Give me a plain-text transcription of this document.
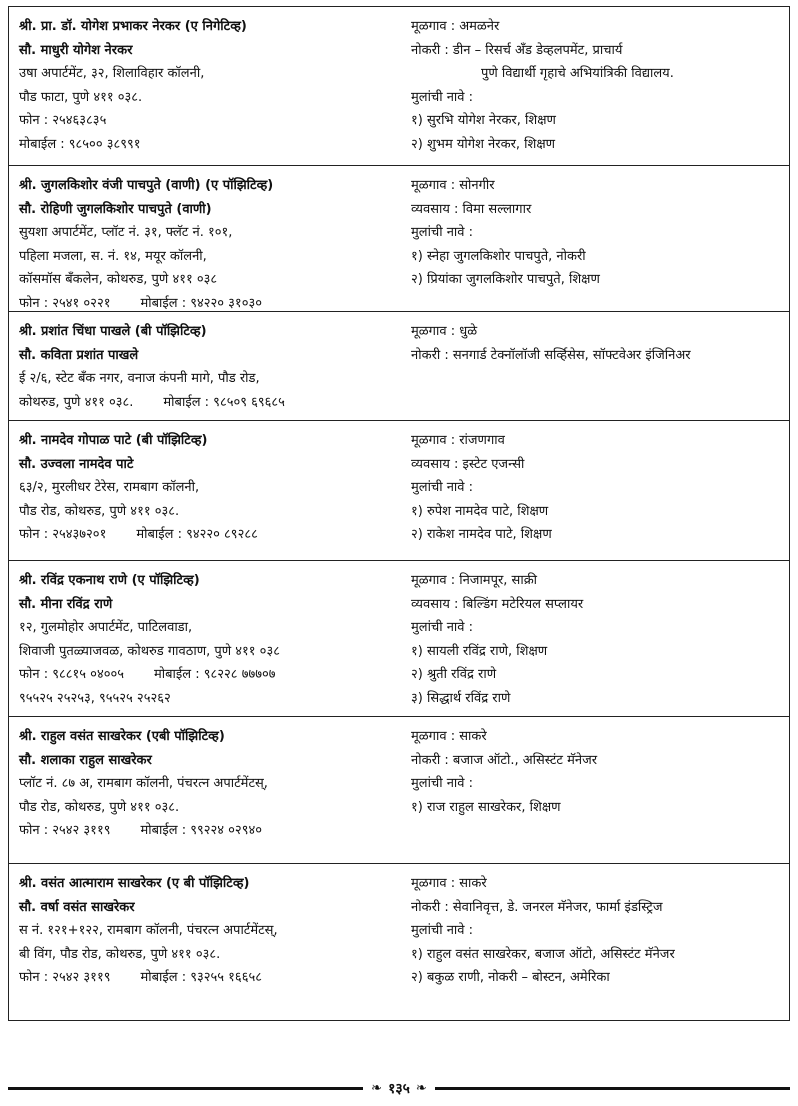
श्री. प्रा. डॉ. योगेश प्रभाकर नेरकर (ए निगेटिव्ह)
सौ. माधुरी योगेश नेरकर
उषा अपार्टमेंट, ३२, शिलाविहार कॉलनी,
पौड फाटा, पुणे ४११ ०३८.
फोन : २५४६३८३५
मोबाईल : ९८५०० ३८९९१
मूळगाव : अमळनेर
नोकरी : डीन – रिसर्च अँड डेव्हलपमेंट, प्राचार्य
पुणे विद्यार्थी गृहाचे अभियांत्रिकी विद्यालय.
मुलांची नावे :
१) सुरभि योगेश नेरकर, शिक्षण
२) शुभम योगेश नेरकर, शिक्षण
श्री. जुगलकिशोर वंजी पाचपुते (वाणी) (ए पॉझिटिव्ह)
सौ. रोहिणी जुगलकिशोर पाचपुते (वाणी)
सुयशा अपार्टमेंट, प्लॉट नं. ३१, फ्लॅट नं. १०१,
पहिला मजला, स. नं. १४, मयूर कॉलनी,
कॉसमॉस बँकलेन, कोथरुड, पुणे ४११ ०३८
फोन : २५४१ ०२२१ मोबाईल : ९४२२० ३१०३०
मूळगाव : सोनगीर
व्यवसाय : विमा सल्लागार
मुलांची नावे :
१) स्नेहा जुगलकिशोर पाचपुते, नोकरी
२) प्रियांका जुगलकिशोर पाचपुते, शिक्षण
श्री. प्रशांत चिंधा पाखले (बी पॉझिटिव्ह)
सौ. कविता प्रशांत पाखले
ई २/६, स्टेट बँक नगर, वनाज कंपनी मागे, पौड रोड,
कोथरुड, पुणे ४११ ०३८. मोबाईल : ९८५०९ ६९६८५
मूळगाव : धुळे
नोकरी : सनगार्ड टेक्नॉलॉजी सर्व्हिसेस, सॉफ्टवेअर इंजिनिअर
श्री. नामदेव गोपाळ पाटे (बी पॉझिटिव्ह)
सौ. उज्वला नामदेव पाटे
६३/२, मुरलीधर टेरेस, रामबाग कॉलनी,
पौड रोड, कोथरुड, पुणे ४११ ०३८.
फोन : २५४३७२०१ मोबाईल : ९४२२० ८९२८८
मूळगाव : रांजणगाव
व्यवसाय : इस्टेट एजन्सी
मुलांची नावे :
१) रुपेश नामदेव पाटे, शिक्षण
२) राकेश नामदेव पाटे, शिक्षण
श्री. रविंद्र एकनाथ राणे (ए पॉझिटिव्ह)
सौ. मीना रविंद्र राणे
१२, गुलमोहोर अपार्टमेंट, पाटिलवाडा,
शिवाजी पुतळ्याजवळ, कोथरुड गावठाण, पुणे ४११ ०३८
फोन : ९८८१५ ०४००५ मोबाईल : ९८२२८ ७७७०७
९५५२५ २५२५३, ९५५२५ २५२६२
मूळगाव : निजामपूर, साक्री
व्यवसाय : बिल्डिंग मटेरियल सप्लायर
मुलांची नावे :
१) सायली रविंद्र राणे, शिक्षण
२) श्रुती रविंद्र राणे
३) सिद्धार्थ रविंद्र राणे
श्री. राहुल वसंत साखरेकर (एबी पॉझिटिव्ह)
सौ. शलाका राहुल साखरेकर
प्लॉट नं. ८७ अ, रामबाग कॉलनी, पंचरत्न अपार्टमेंटस्,
पौड रोड, कोथरुड, पुणे ४११ ०३८.
फोन : २५४२ ३११९ मोबाईल : ९९२२४ ०२९४०
मूळगाव : साकरे
नोकरी : बजाज ऑटो., असिस्टंट मॅनेजर
मुलांची नावे :
१) राज राहुल साखरेकर, शिक्षण
श्री. वसंत आत्माराम साखरेकर (ए बी पॉझिटिव्ह)
सौ. वर्षा वसंत साखरेकर
स नं. १२१+१२२, रामबाग कॉलनी, पंचरत्न अपार्टमेंटस्,
बी विंग, पौड रोड, कोथरुड, पुणे ४११ ०३८.
फोन : २५४२ ३११९ मोबाईल : ९३२५५ १६६५८
मूळगाव : साकरे
नोकरी : सेवानिवृत्त, डे. जनरल मॅनेजर, फार्मा इंडस्ट्रिज
मुलांची नावे :
१) राहुल वसंत साखरेकर, बजाज ऑटो, असिस्टंट मॅनेजर
२) बकुळ राणी, नोकरी – बोस्टन, अमेरिका
❧ १३५ ❧
